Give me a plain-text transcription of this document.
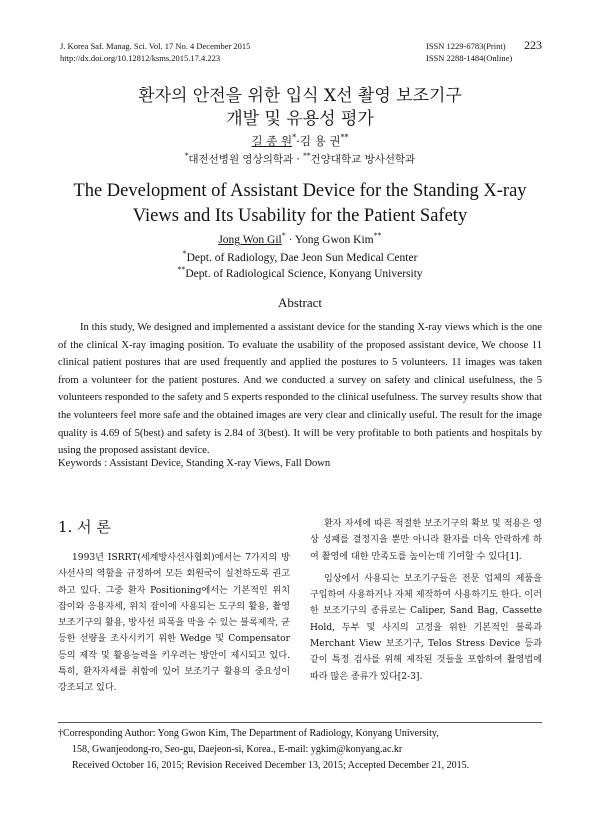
J. Korea Saf. Manag. Sci. Vol. 17 No. 4 December 2015
http://dx.doi.org/10.12812/ksms.2015.17.4.223
ISSN 1229-6783(Print)
ISSN 2288-1484(Online)
223
환자의 안전을 위한 입식 X선 촬영 보조기구
개발 및 유용성 평가
길 종 원*·김 용 권**
*대전선병원 영상의학과 · **건양대학교 방사선학과
The Development of Assistant Device for the Standing X-ray
Views and Its Usability for the Patient Safety
Jong Won Gil* · Yong Gwon Kim**
*Dept. of Radiology, Dae Jeon Sun Medical Center
**Dept. of Radiological Science, Konyang University
Abstract
In this study, We designed and implemented a assistant device for the standing X-ray views which is the one of the clinical X-ray imaging position. To evaluate the usability of the proposed assistant device, We choose 11 clinical patient postures that are used frequently and applied the postures to 5 volunteers. 11 images was taken from a volunteer for the patient postures. And we conducted a survey on safety and clinical usefulness, the 5 volunteers responded to the safety and 5 experts responded to the clinical usefulness. The survey results show that the volunteers feel more safe and the obtained images are very clear and clinically useful. The result for the image quality is 4.69 of 5(best) and safety is 2.84 of 3(best). It will be very profitable to both patients and hospitals by using the proposed assistant device.
Keywords : Assistant Device, Standing X-ray Views, Fall Down
1. 서 론
1993년 ISRRT(세계방사선사협회)에서는 7가지의 방사선사의 역할을 규정하여 모든 회원국이 실천하도록 권고하고 있다. 그중 환자 Positioning에서는 기본적인 위치 잡이와 응용자세, 위치 잡이에 사용되는 도구의 활용, 촬영보조기구의 활용, 방사선 피폭을 막을 수 있는 블록제작, 균등한 선량을 조사시키기 위한 Wedge 및 Compensator 등의 제작 및 활용능력을 키우려는 방안이 제시되고 있다. 특히, 환자자세를 취함에 있어 보조기구 활용의 중요성이 강조되고 있다.

환자 자세에 따른 적절한 보조기구의 확보 및 적용은 영상 성패를 결정지을 뿐만 아니라 환자를 더욱 안락하게 하여 촬영에 대한 만족도를 높이는데 기여할 수 있다[1].

임상에서 사용되는 보조기구들은 전문 업체의 제품을 구입하여 사용하거나 자체 제작하여 사용하기도 한다. 이러한 보조기구의 종류로는 Caliper, Sand Bag, Cassette Hold, 두부 및 사지의 고정을 위한 기본적인 블록과 Merchant View 보조기구, Telos Stress Device 등과 같이 특정 검사를 위해 제작된 것들을 포함하여 촬영법에 따라 많은 종류가 있다[2-3].

†Corresponding Author: Yong Gwon Kim, The Department of Radiology, Konyang University,
158, Gwanjeodong-ro, Seo-gu, Daejeon-si, Korea., E-mail: ygkim@konyang.ac.kr
Received October 16, 2015; Revision Received December 13, 2015; Accepted December 21, 2015.
